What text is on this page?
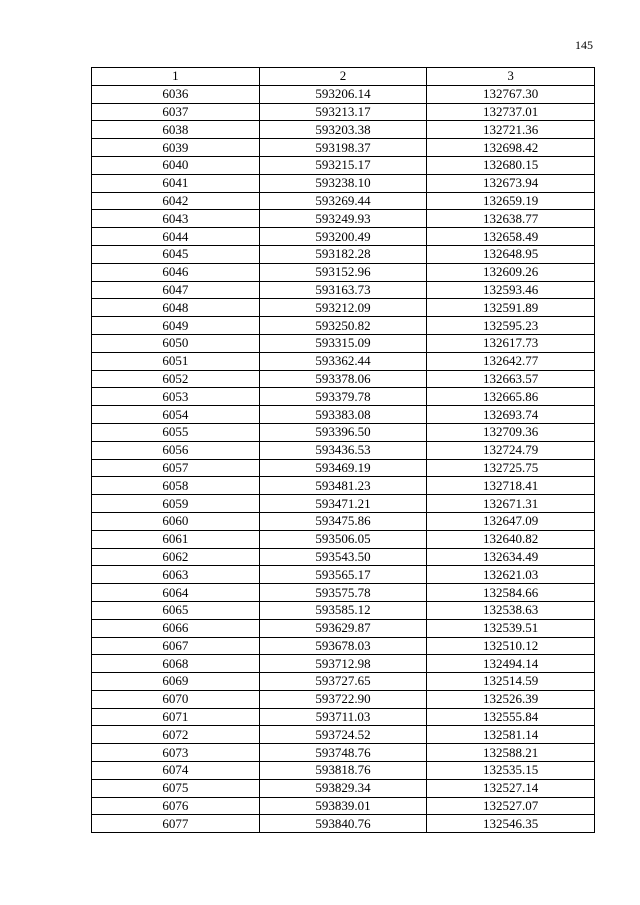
145
1	2	3
6036	593206.14	132767.30
6037	593213.17	132737.01
6038	593203.38	132721.36
6039	593198.37	132698.42
6040	593215.17	132680.15
6041	593238.10	132673.94
6042	593269.44	132659.19
6043	593249.93	132638.77
6044	593200.49	132658.49
6045	593182.28	132648.95
6046	593152.96	132609.26
6047	593163.73	132593.46
6048	593212.09	132591.89
6049	593250.82	132595.23
6050	593315.09	132617.73
6051	593362.44	132642.77
6052	593378.06	132663.57
6053	593379.78	132665.86
6054	593383.08	132693.74
6055	593396.50	132709.36
6056	593436.53	132724.79
6057	593469.19	132725.75
6058	593481.23	132718.41
6059	593471.21	132671.31
6060	593475.86	132647.09
6061	593506.05	132640.82
6062	593543.50	132634.49
6063	593565.17	132621.03
6064	593575.78	132584.66
6065	593585.12	132538.63
6066	593629.87	132539.51
6067	593678.03	132510.12
6068	593712.98	132494.14
6069	593727.65	132514.59
6070	593722.90	132526.39
6071	593711.03	132555.84
6072	593724.52	132581.14
6073	593748.76	132588.21
6074	593818.76	132535.15
6075	593829.34	132527.14
6076	593839.01	132527.07
6077	593840.76	132546.35
